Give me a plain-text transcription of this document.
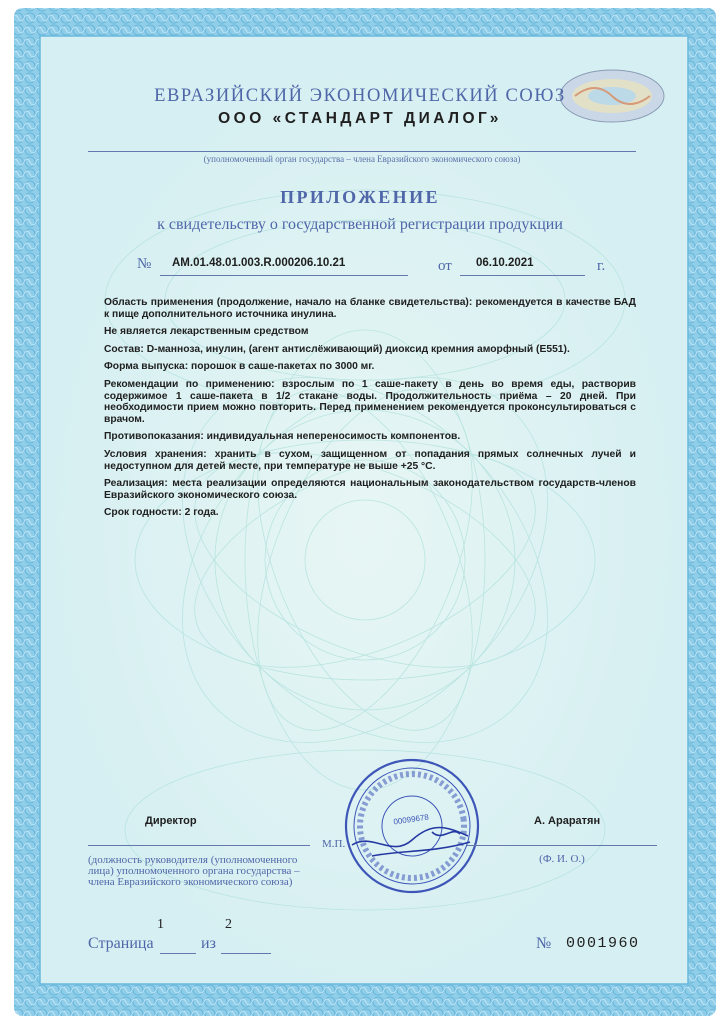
00099678
ЕВРАЗИЙСКИЙ ЭКОНОМИЧЕСКИЙ СОЮЗ
ООО «СТАНДАРТ ДИАЛОГ»
(уполномоченный орган государства – члена Евразийского экономического союза)
ПРИЛОЖЕНИЕ
к свидетельству о государственной регистрации продукции
№ AM.01.48.01.003.R.000206.10.21	от 06.10.2021	г.

Область применения (продолжение, начало на бланке свидетельства): рекомендуется в качестве БАД к пище дополнительного источника инулина.

Не является лекарственным средством

Состав: D-манноза, инулин, (агент антислёживающий) диоксид кремния аморфный (E551).

Форма выпуска: порошок в саше-пакетах по 3000 мг.

Рекомендации по применению: взрослым по 1 саше-пакету в день во время еды, растворив содержимое 1 саше-пакета в 1/2 стакане воды. Продолжительность приёма – 20 дней. При необходимости прием можно повторить. Перед применением рекомендуется проконсультироваться с врачом.

Противопоказания: индивидуальная непереносимость компонентов.

Условия хранения: хранить в сухом, защищенном от попадания прямых солнечных лучей и недоступном для детей месте, при температуре не выше +25 °С.

Реализация: места реализации определяются национальным законодательством государств-членов Евразийского экономического союза.

Срок годности: 2 года.

Директор
М.П.
А. Араратян
(Ф. И. О.)
(должность руководителя (уполномоченного лица) уполномоченного органа государства – члена Евразийского экономического союза)
1	2
Страница	из	№ 0001960
